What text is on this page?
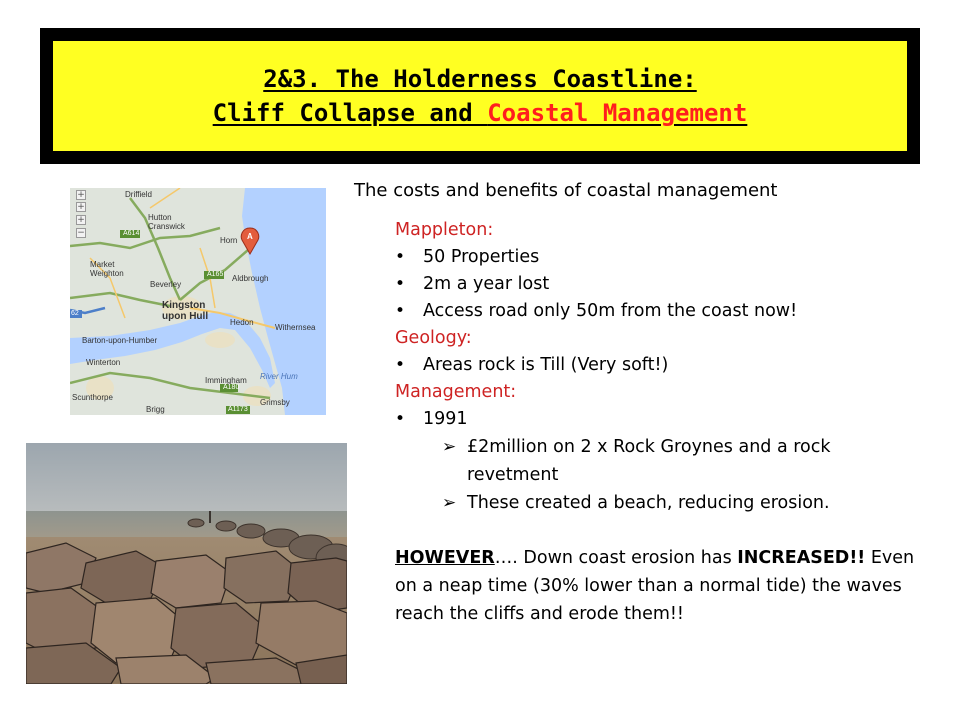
2&3. The Holderness Coastline:
Cliff Collapse and Coastal Management
+
+
+
−
Driffield
Hutton
Cranswick
Horn
Market
Weighton
Beverley
Aldbrough
Kingston
upon Hull
Hedon
Withernsea
Barton-upon-Humber
Winterton
Immingham River Hum
Scunthorpe
Grimsby
Brigg
A614
A165
62
A180
A1173
A
The costs and benefits of coastal management

Mappleton:

• 50 Properties
• 2m a year lost
• Access road only 50m from the coast now!

Geology:

• Areas rock is Till (Very soft!)

Management:

• 1991
➢ £2million on 2 x Rock Groynes and a rock revetment
➢ These created a beach, reducing erosion.
HOWEVER…. Down coast erosion has INCREASED!! Even on a neap time (30% lower than a normal tide) the waves reach the cliffs and erode them!!
